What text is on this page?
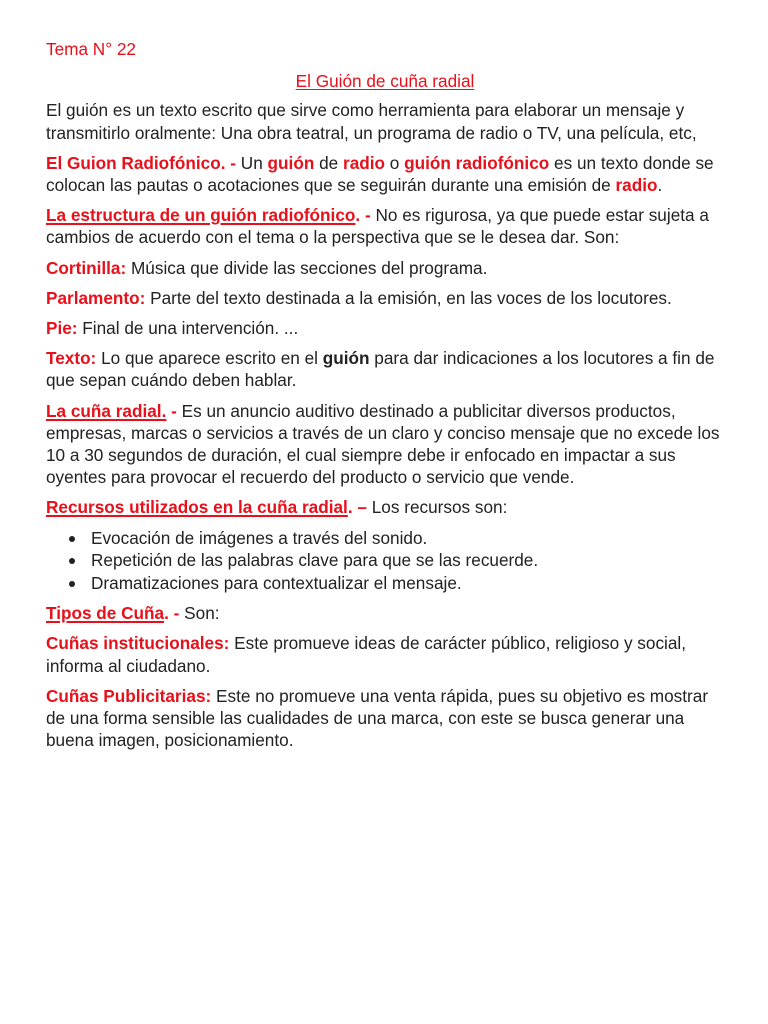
Tema N° 22
El Guión de cuña radial

El guión es un texto escrito que sirve como herramienta para elaborar un mensaje y transmitirlo oralmente: Una obra teatral, un programa de radio o TV, una película, etc,

El Guion Radiofónico. - Un guión de radio o guión radiofónico es un texto donde se colocan las pautas o acotaciones que se seguirán durante una emisión de radio.

La estructura de un guión radiofónico. - No es rigurosa, ya que puede estar sujeta a cambios de acuerdo con el tema o la perspectiva que se le desea dar. Son:

Cortinilla: Música que divide las secciones del programa.

Parlamento: Parte del texto destinada a la emisión, en las voces de los locutores.

Pie: Final de una intervención. ...

Texto: Lo que aparece escrito en el guión para dar indicaciones a los locutores a fin de que sepan cuándo deben hablar.

La cuña radial. - Es un anuncio auditivo destinado a publicitar diversos productos, empresas, marcas o servicios a través de un claro y conciso mensaje que no excede los 10 a 30 segundos de duración, el cual siempre debe ir enfocado en impactar a sus oyentes para provocar el recuerdo del producto o servicio que vende.

Recursos utilizados en la cuña radial. – Los recursos son:

Evocación de imágenes a través del sonido.
Repetición de las palabras clave para que se las recuerde.
Dramatizaciones para contextualizar el mensaje.

Tipos de Cuña. - Son:

Cuñas institucionales: Este promueve ideas de carácter público, religioso y social, informa al ciudadano.

Cuñas Publicitarias: Este no promueve una venta rápida, pues su objetivo es mostrar de una forma sensible las cualidades de una marca, con este se busca generar una buena imagen, posicionamiento.
